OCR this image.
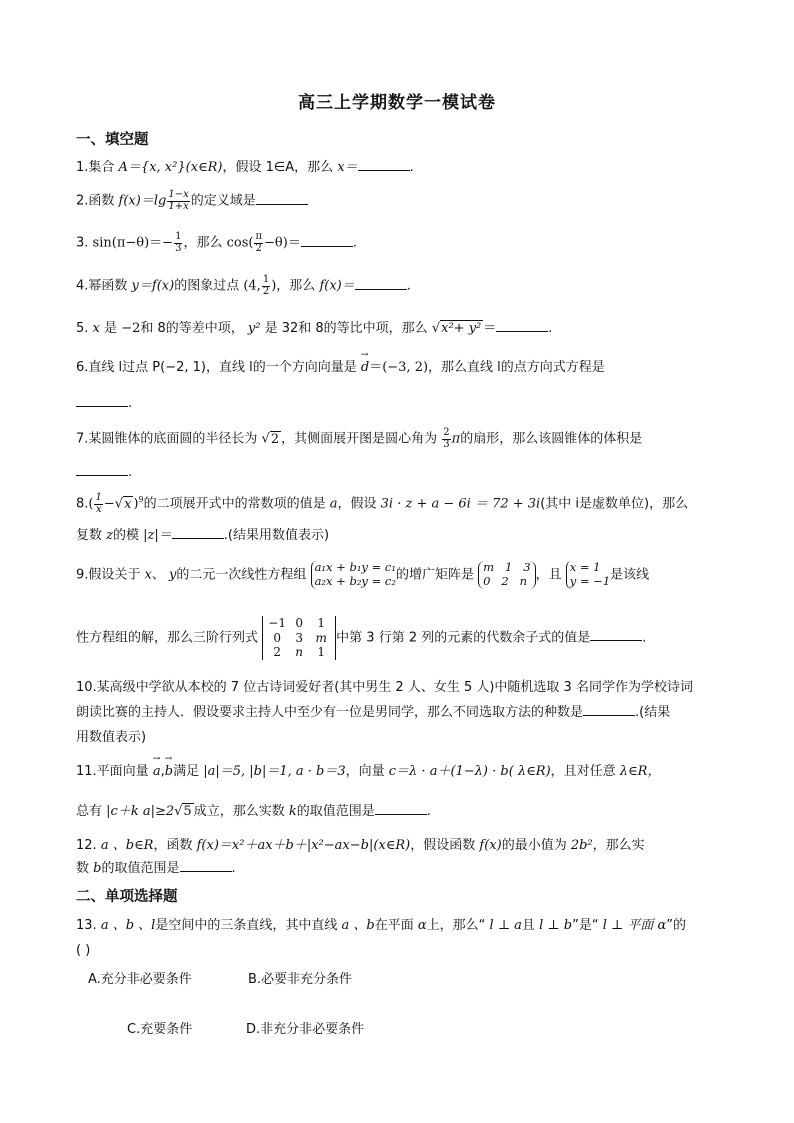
高三上学期数学一模试卷
一、填空题
1.集合 A＝{x, x²}(x∈R)，假设 1∈A，那么 x＝	.
2.函数 $f(x)=\lg \frac{1-x}{1+x}$ 的定义域是
3. $\sin(\pi-\theta)=- \frac{1}{3}$ ，那么 $\cos( \frac{\pi}{2} -\theta)=$	.
4.幂函数 y＝f(x)的图象过点 (4, $\frac{1}{2}$ )，那么 f(x)＝	.
5. x 是 −2和 8的等差中项， y² 是 32和 8的等比中项，那么 √x²+ y² ＝	.
6.直线 l过点 P(−2, 1)，直线 l的一个方向向量是 → d＝(−3, 2)，那么直线 l的点方向式方程是
.
7.某圆锥体的底面圆的半径长为 √2 ，其侧面展开图是圆心角为 $\frac{2}{3}$ π的扇形，那么该圆锥体的体积是
.
$8.( \frac{1}{x} -√x$ )$^9$的二项展开式中的常数项的值是 a，假设 3i · z + a − 6i ＝ 72 + 3i(其中 i是虚数单位)，那么
复数 z的模 |z|＝	.(结果用数值表示)
9.假设关于 x、 y的二元一次线性方程组
a₁x + b₁y = c₁
a₂x + b₂y = c₂ 的增广矩阵是
m   1   3
0   2   n ，且
x = 1
y = −1 是该线
性方程组的解，那么三阶行列式
−1 0 1
0 3 m
2 n 1
中第 3 行第 2 列的元素的代数余子式的值是	.
10.某高级中学欲从本校的 7 位古诗词爱好者(其中男生 2 人、女生 5 人)中随机选取 3 名同学作为学校诗词
朗读比赛的主持人．假设要求主持人中至少有一位是男同学，那么不同选取方法的种数是	.(结果
用数值表示)
11.平面向量 → a,→ b满足 |a|＝5, |b|＝1, a · b＝3，向量 c＝λ · a＋(1−λ) · b( λ∈R)，且对任意 λ∈R，
总有 |c＋k a|≥2√5 成立，那么实数 k的取值范围是	.
12. a 、b∈R，函数 f(x)＝x²＋ax＋b＋|x²−ax−b|(x∈R)，假设函数 f(x)的最小值为 2b²，那么实
数 b的取值范围是	.
二、单项选择题
13. a 、b 、l是空间中的三条直线，其中直线 a 、b在平面 α上，那么“ l ⊥ a且 l ⊥ b”是“ l ⊥ 平面 α”的
( )
A.充分非必要条件	B.必要非充分条件
C.充要条件	D.非充分非必要条件
